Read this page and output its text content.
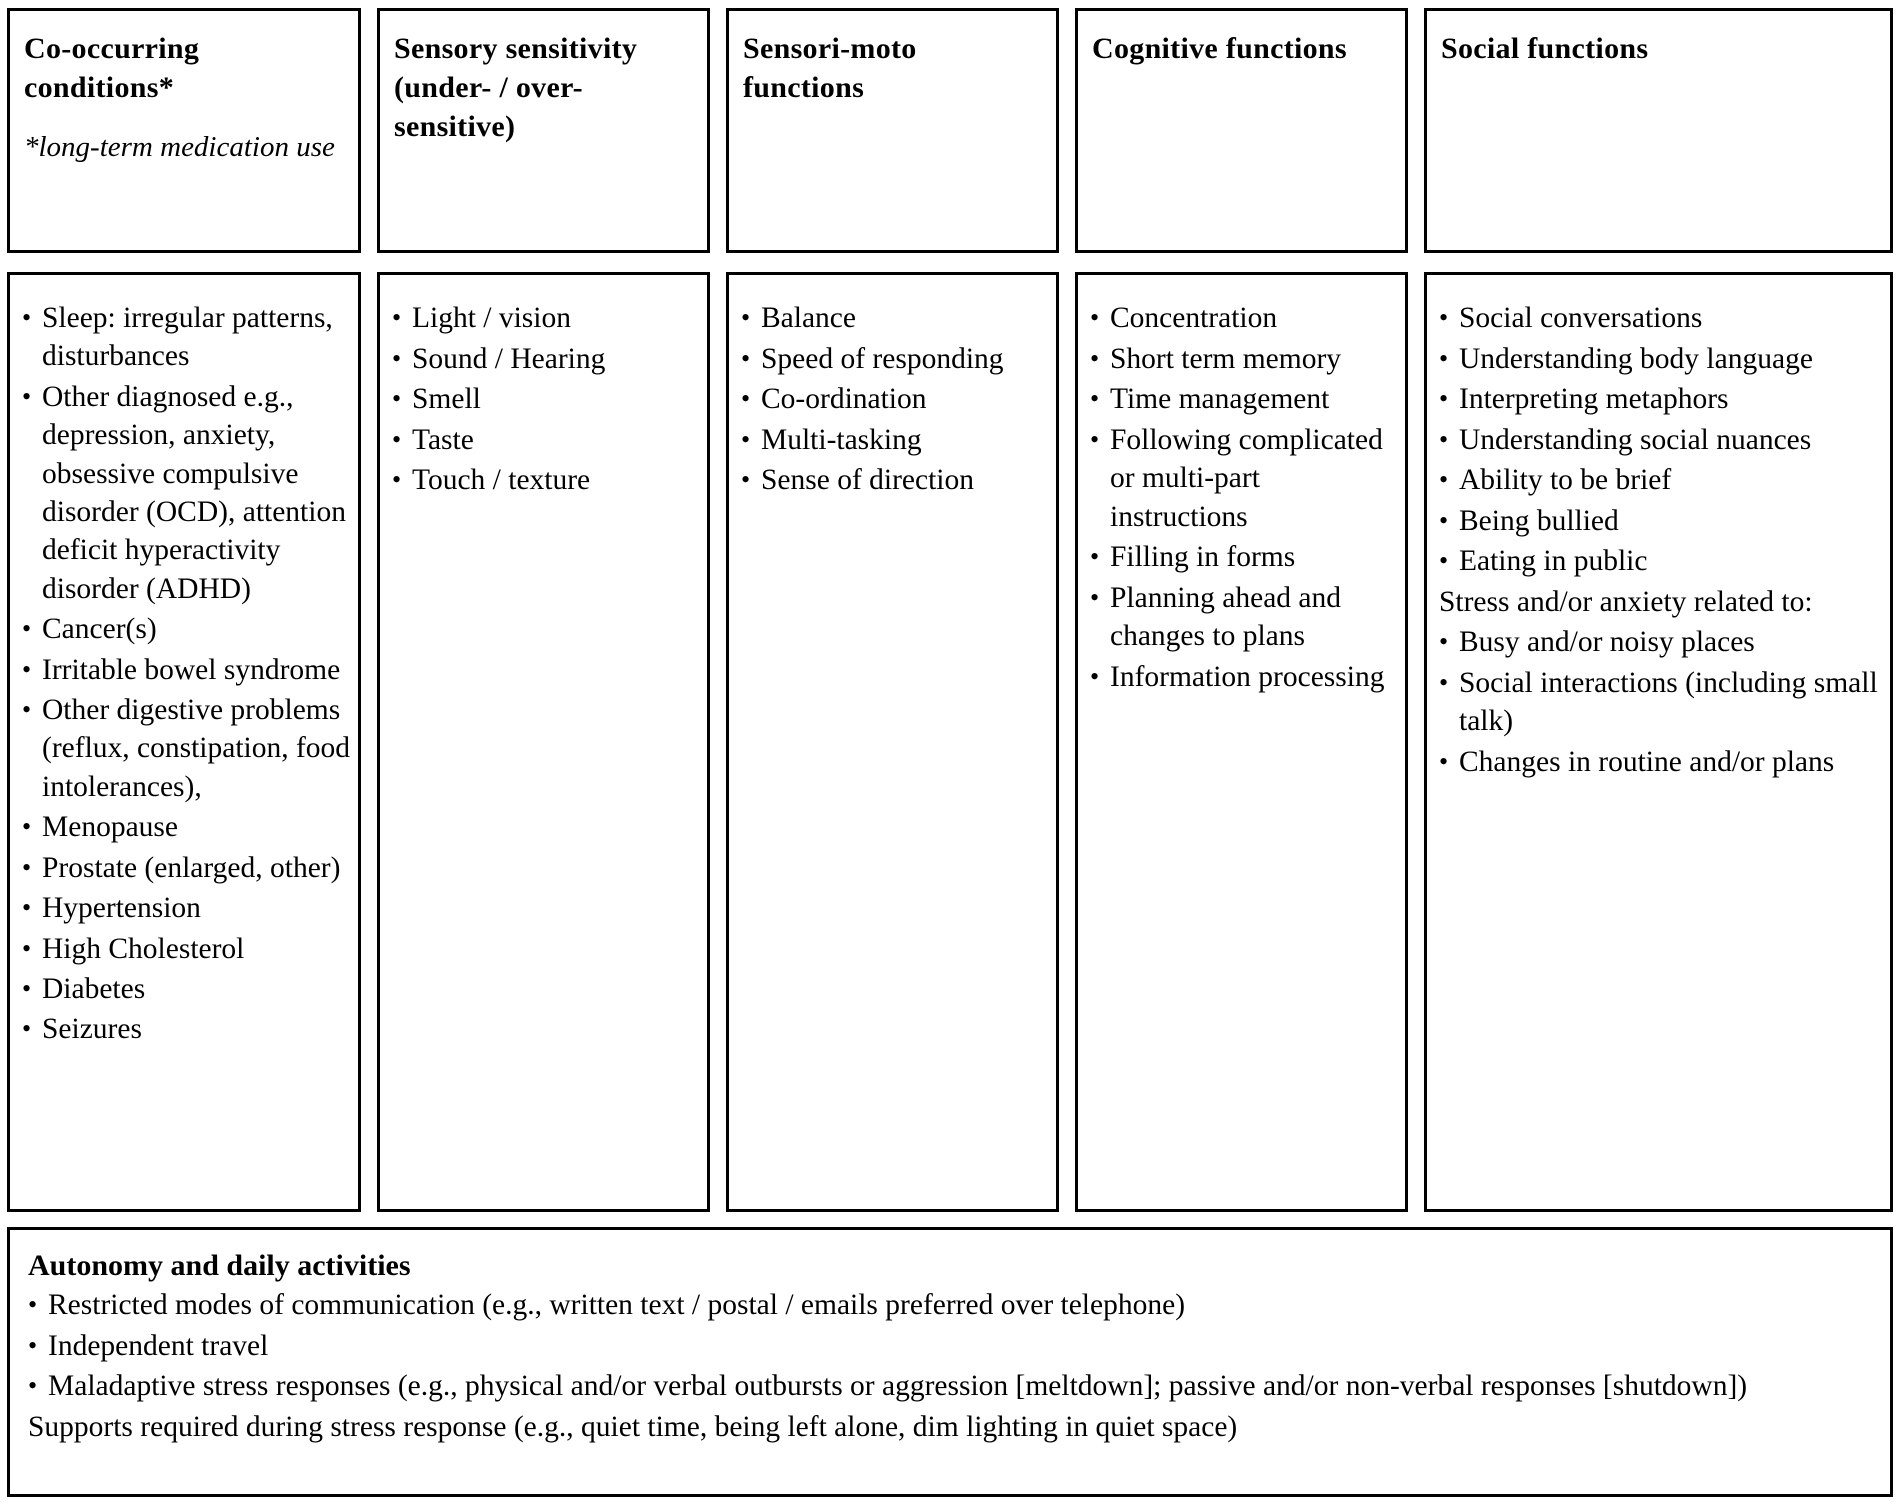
Co-occurring conditions*
*long-term medication use
Sensory sensitivity (under- / over-sensitive)
Sensori-moto functions
Cognitive functions	Social functions
• Sleep: irregular patterns, disturbances
• Other diagnosed e.g., depression, anxiety, obsessive compulsive disorder (OCD), attention deficit hyperactivity disorder (ADHD)
• Cancer(s)
• Irritable bowel syndrome
• Other digestive problems (reflux, constipation, food intolerances),
• Menopause
• Prostate (enlarged, other)
• Hypertension
• High Cholesterol
• Diabetes
• Seizures
• Light / vision
• Sound / Hearing
• Smell
• Taste
• Touch / texture
• Balance
• Speed of responding
• Co-ordination
• Multi-tasking
• Sense of direction
• Concentration
• Short term memory
• Time management
• Following complicated or multi-part instructions
• Filling in forms
• Planning ahead and changes to plans
• Information processing
• Social conversations
• Understanding body language
• Interpreting metaphors
• Understanding social nuances
• Ability to be brief
• Being bullied
• Eating in public
Stress and/or anxiety related to:
• Busy and/or noisy places
• Social interactions (including small talk)
• Changes in routine and/or plans
Autonomy and daily activities
• Restricted modes of communication (e.g., written text / postal / emails preferred over telephone)
• Independent travel
• Maladaptive stress responses (e.g., physical and/or verbal outbursts or aggression [meltdown]; passive and/or non-verbal responses [shutdown])
Supports required during stress response (e.g., quiet time, being left alone, dim lighting in quiet space)
